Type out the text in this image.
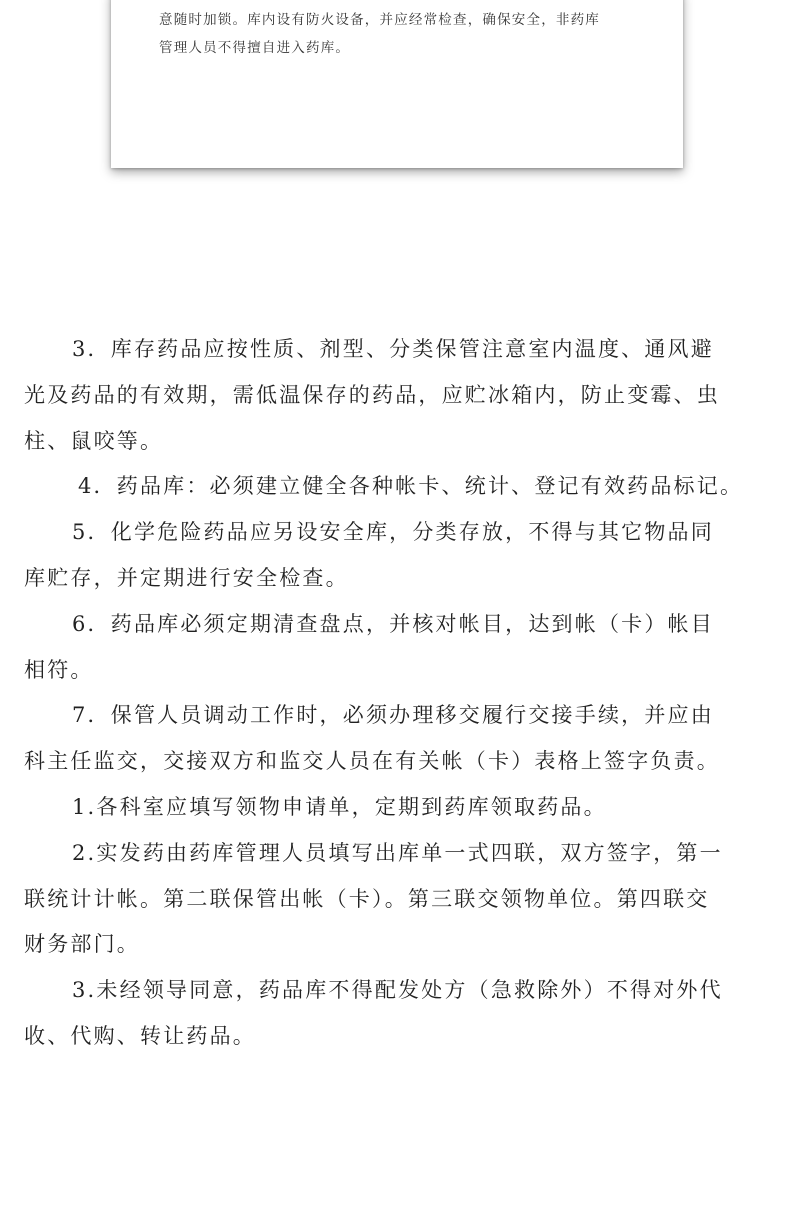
意随时加锁。库内设有防火设备，并应经常检查，确保安全，非药库

管理人员不得擅自进入药库。

3．库存药品应按性质、剂型、分类保管注意室内温度、通风避

光及药品的有效期，需低温保存的药品，应贮冰箱内，防止变霉、虫

柱、鼠咬等。

4．药品库：必须建立健全各种帐卡、统计、登记有效药品标记。

5．化学危险药品应另设安全库，分类存放，不得与其它物品同

库贮存，并定期进行安全检查。

6．药品库必须定期清查盘点，并核对帐目，达到帐（卡）帐目

相符。

7．保管人员调动工作时，必须办理移交履行交接手续，并应由

科主任监交，交接双方和监交人员在有关帐（卡）表格上签字负责。

1.各科室应填写领物申请单，定期到药库领取药品。

2.实发药由药库管理人员填写出库单一式四联，双方签字，第一

联统计计帐。第二联保管出帐（卡）。第三联交领物单位。第四联交

财务部门。

3.未经领导同意，药品库不得配发处方（急救除外）不得对外代

收、代购、转让药品。
